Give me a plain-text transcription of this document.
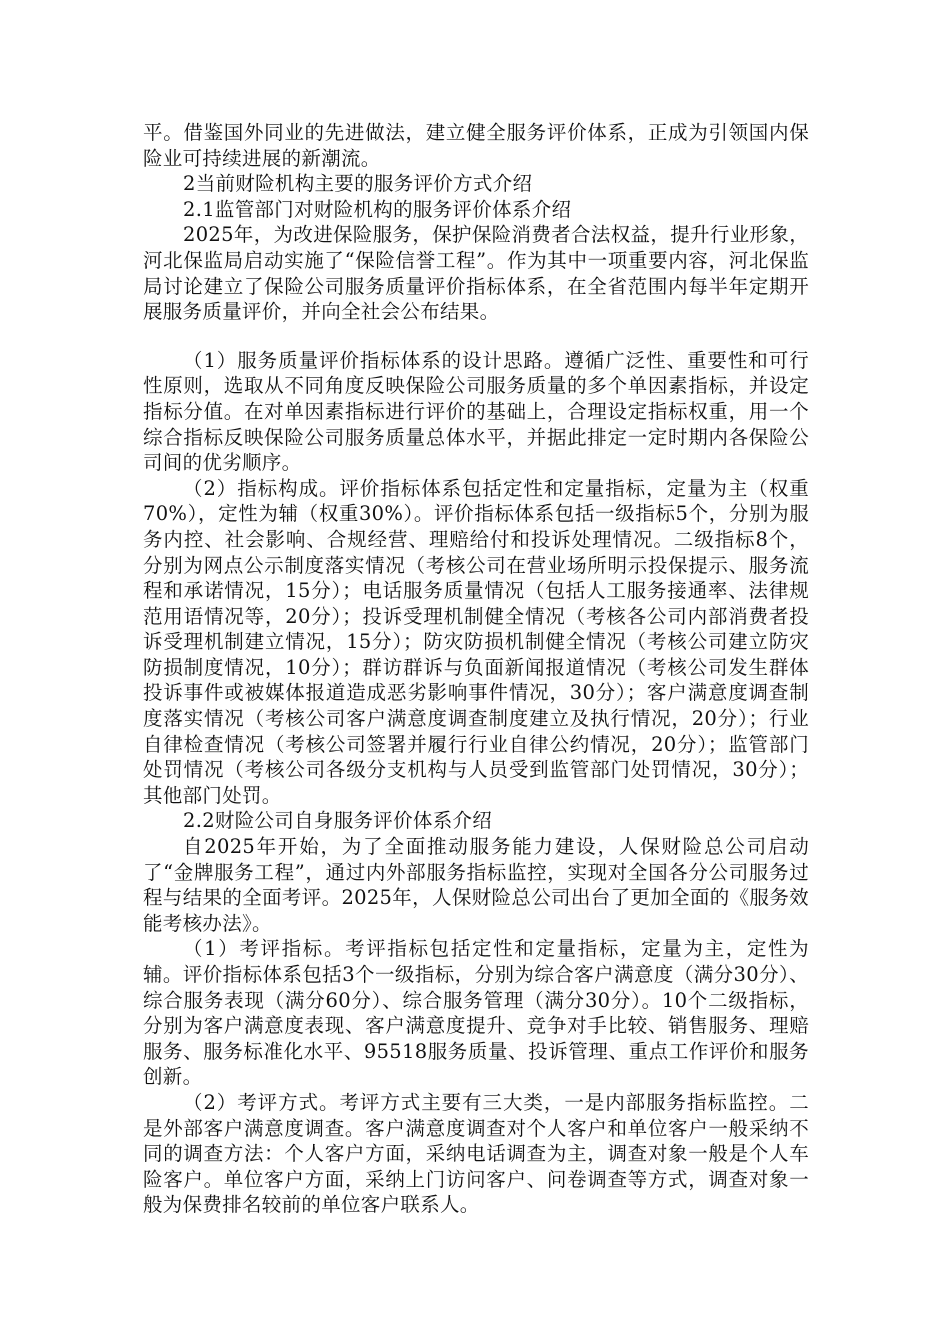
平。借鉴国外同业的先进做法，建立健全服务评价体系，正成为引领国内保险业可持续进展的新潮流。

2当前财险机构主要的服务评价方式介绍

2.1监管部门对财险机构的服务评价体系介绍

2025年，为改进保险服务，保护保险消费者合法权益，提升行业形象，河北保监局启动实施了“保险信誉工程”。作为其中一项重要内容，河北保监局讨论建立了保险公司服务质量评价指标体系，在全省范围内每半年定期开展服务质量评价，并向全社会公布结果。

（1）服务质量评价指标体系的设计思路。遵循广泛性、重要性和可行性原则，选取从不同角度反映保险公司服务质量的多个单因素指标，并设定指标分值。在对单因素指标进行评价的基础上，合理设定指标权重，用一个综合指标反映保险公司服务质量总体水平，并据此排定一定时期内各保险公司间的优劣顺序。

（2）指标构成。评价指标体系包括定性和定量指标，定量为主（权重70%），定性为辅（权重30%）。评价指标体系包括一级指标5个，分别为服务内控、社会影响、合规经营、理赔给付和投诉处理情况。二级指标8个，分别为网点公示制度落实情况（考核公司在营业场所明示投保提示、服务流程和承诺情况，15分）；电话服务质量情况（包括人工服务接通率、法律规范用语情况等，20分）；投诉受理机制健全情况（考核各公司内部消费者投诉受理机制建立情况，15分）；防灾防损机制健全情况（考核公司建立防灾防损制度情况，10分）；群访群诉与负面新闻报道情况（考核公司发生群体投诉事件或被媒体报道造成恶劣影响事件情况，30分）；客户满意度调查制度落实情况（考核公司客户满意度调查制度建立及执行情况，20分）；行业自律检查情况（考核公司签署并履行行业自律公约情况，20分）；监管部门处罚情况（考核公司各级分支机构与人员受到监管部门处罚情况，30分）；其他部门处罚。

2.2财险公司自身服务评价体系介绍

自2025年开始，为了全面推动服务能力建设，人保财险总公司启动了“金牌服务工程”，通过内外部服务指标监控，实现对全国各分公司服务过程与结果的全面考评。2025年，人保财险总公司出台了更加全面的《服务效能考核办法》。

（1）考评指标。考评指标包括定性和定量指标，定量为主，定性为辅。评价指标体系包括3个一级指标，分别为综合客户满意度（满分30分）、综合服务表现（满分60分）、综合服务管理（满分30分）。10个二级指标，分别为客户满意度表现、客户满意度提升、竞争对手比较、销售服务、理赔服务、服务标准化水平、95518服务质量、投诉管理、重点工作评价和服务创新。

（2）考评方式。考评方式主要有三大类，一是内部服务指标监控。二是外部客户满意度调查。客户满意度调查对个人客户和单位客户一般采纳不同的调查方法：个人客户方面，采纳电话调查为主，调查对象一般是个人车险客户。单位客户方面，采纳上门访问客户、问卷调查等方式，调查对象一般为保费排名较前的单位客户联系人。
